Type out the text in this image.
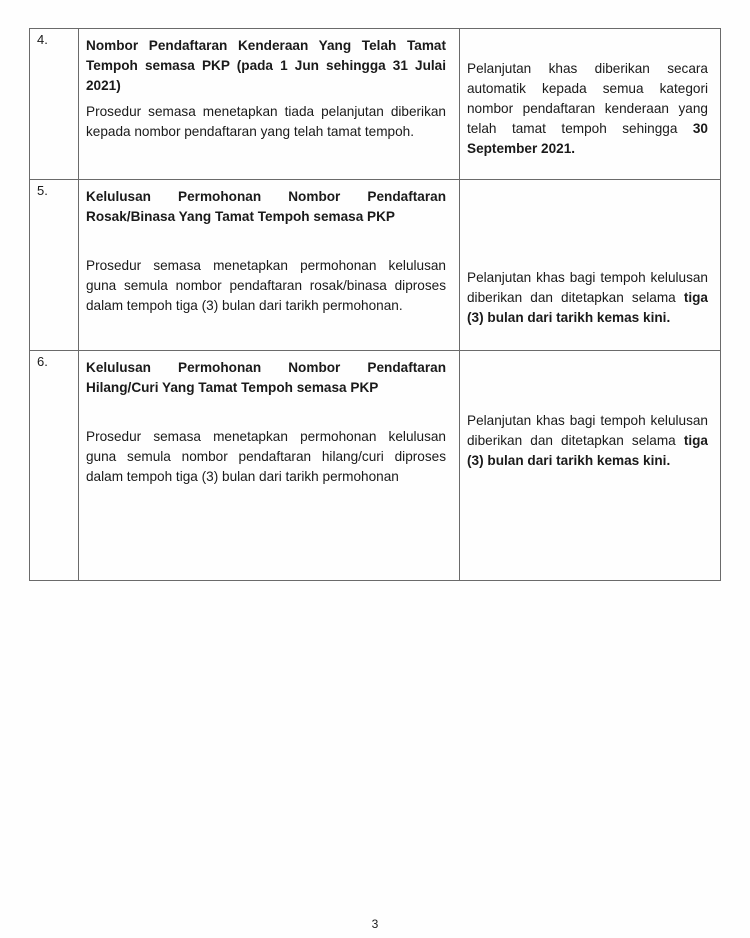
4.	Nombor Pendaftaran Kenderaan Yang Telah Tamat Tempoh semasa PKP (pada 1 Jun sehingga 31 Julai 2021)
Prosedur semasa menetapkan tiada pelanjutan diberikan kepada nombor pendaftaran yang telah tamat tempoh.	Pelanjutan khas diberikan secara automatik kepada semua kategori nombor pendaftaran kenderaan yang telah tamat tempoh sehingga 30 September 2021.

5.	Kelulusan Permohonan Nombor Pendaftaran Rosak/Binasa Yang Tamat Tempoh semasa PKP
Prosedur semasa menetapkan permohonan kelulusan guna semula nombor pendaftaran rosak/binasa diproses dalam tempoh tiga (3) bulan dari tarikh permohonan.	Pelanjutan khas bagi tempoh kelulusan diberikan dan ditetapkan selama tiga (3) bulan dari tarikh kemas kini.

6.	Kelulusan Permohonan Nombor Pendaftaran Hilang/Curi Yang Tamat Tempoh semasa PKP
Prosedur semasa menetapkan permohonan kelulusan guna semula nombor pendaftaran hilang/curi diproses dalam tempoh tiga (3) bulan dari tarikh permohonan	Pelanjutan khas bagi tempoh kelulusan diberikan dan ditetapkan selama tiga (3) bulan dari tarikh kemas kini.
3
